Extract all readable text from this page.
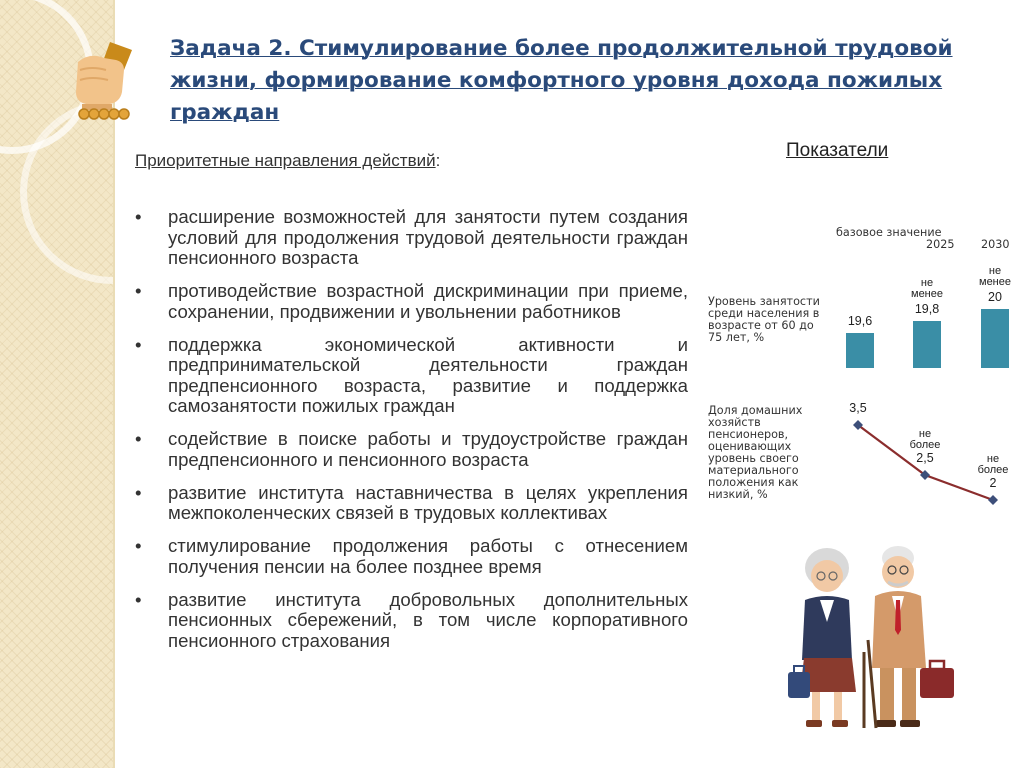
Задача 2. Стимулирование более продолжительной трудовой жизни, формирование комфортного уровня дохода пожилых граждан
Приоритетные направления действий:	Показатели
• расширение возможностей для занятости путем создания условий для продолжения трудовой деятельности граждан пенсионного возраста
• противодействие возрастной дискриминации при приеме, сохранении, продвижении и увольнении работников
• поддержка экономической активности и предпринимательской деятельности граждан предпенсионного возраста, развитие и поддержка самозанятости пожилых граждан
• содействие в поиске работы и трудоустройстве граждан предпенсионного и пенсионного возраста
• развитие института наставничества в целях укрепления межпоколенческих связей в трудовых коллективах
• стимулирование продолжения работы с отнесением получения пенсии на более позднее время
• развитие института добровольных дополнительных пенсионных сбережений, в том числе корпоративного пенсионного страхования
базовое значение
2025 2030
Уровень занятости среди населения в возрасте от 60 до 75 лет, %
Доля домашних хозяйств пенсионеров, оценивающих уровень своего материального положения как низкий, %
19,6
19,8
не
менее	20
не
менее
3,5
2,5
не
более
2
не
более
